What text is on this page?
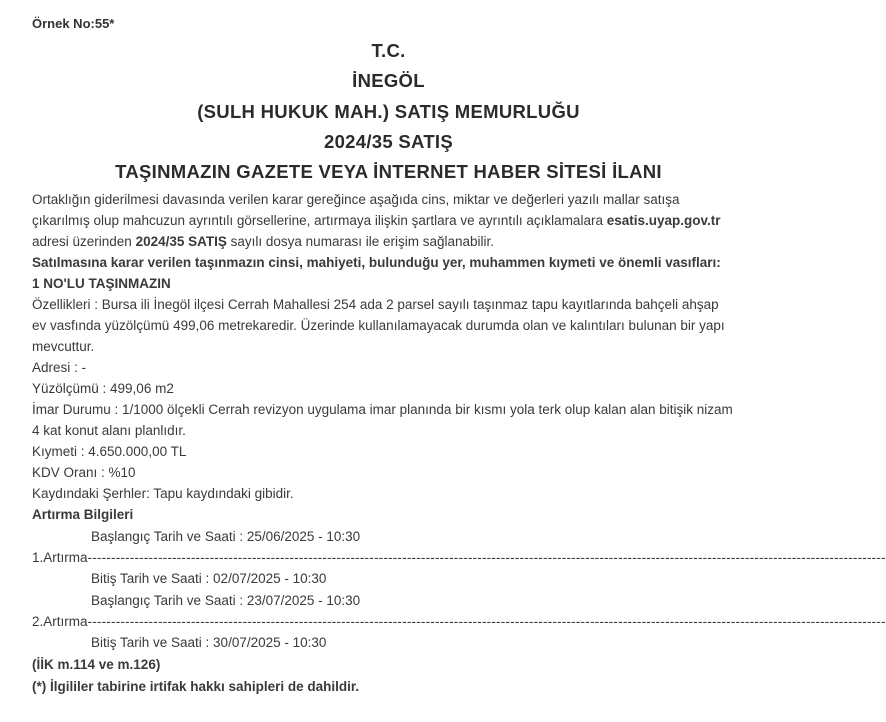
Örnek No:55*
T.C.
İNEGÖL
(SULH HUKUK MAH.) SATIŞ MEMURLUĞU
2024/35 SATIŞ
TAŞINMAZIN GAZETE VEYA İNTERNET HABER SİTESİ İLANI
Ortaklığın giderilmesi davasında verilen karar gereğince aşağıda cins, miktar ve değerleri yazılı mallar satışa
çıkarılmış olup mahcuzun ayrıntılı görsellerine, artırmaya ilişkin şartlara ve ayrıntılı açıklamalara esatis.uyap.gov.tr
adresi üzerinden 2024/35 SATIŞ sayılı dosya numarası ile erişim sağlanabilir.
Satılmasına karar verilen taşınmazın cinsi, mahiyeti, bulunduğu yer, muhammen kıymeti ve önemli vasıfları:
1 NO'LU TAŞINMAZIN
Özellikleri : Bursa ili İnegöl ilçesi Cerrah Mahallesi 254 ada 2 parsel sayılı taşınmaz tapu kayıtlarında bahçeli ahşap
ev vasfında yüzölçümü 499,06 metrekaredir. Üzerinde kullanılamayacak durumda olan ve kalıntıları bulunan bir yapı
mevcuttur.
Adresi : -
Yüzölçümü : 499,06 m2
İmar Durumu : 1/1000 ölçekli Cerrah revizyon uygulama imar planında bir kısmı yola terk olup kalan alan bitişik nizam
4 kat konut alanı planlıdır.
Kıymeti : 4.650.000,00 TL
KDV Oranı : %10
Kaydındaki Şerhler: Tapu kaydındaki gibidir.
Artırma Bilgileri
Başlangıç Tarih ve Saati : 25/06/2025 - 10:30
1.Artırma--------------------------------------------------------------------------------------------------------------------------------------------------------------------------
Bitiş Tarih ve Saati : 02/07/2025 - 10:30
Başlangıç Tarih ve Saati : 23/07/2025 - 10:30
2.Artırma--------------------------------------------------------------------------------------------------------------------------------------------------------------------------
Bitiş Tarih ve Saati : 30/07/2025 - 10:30
(İİK m.114 ve m.126)
(*) İlgililer tabirine irtifak hakkı sahipleri de dahildir.
